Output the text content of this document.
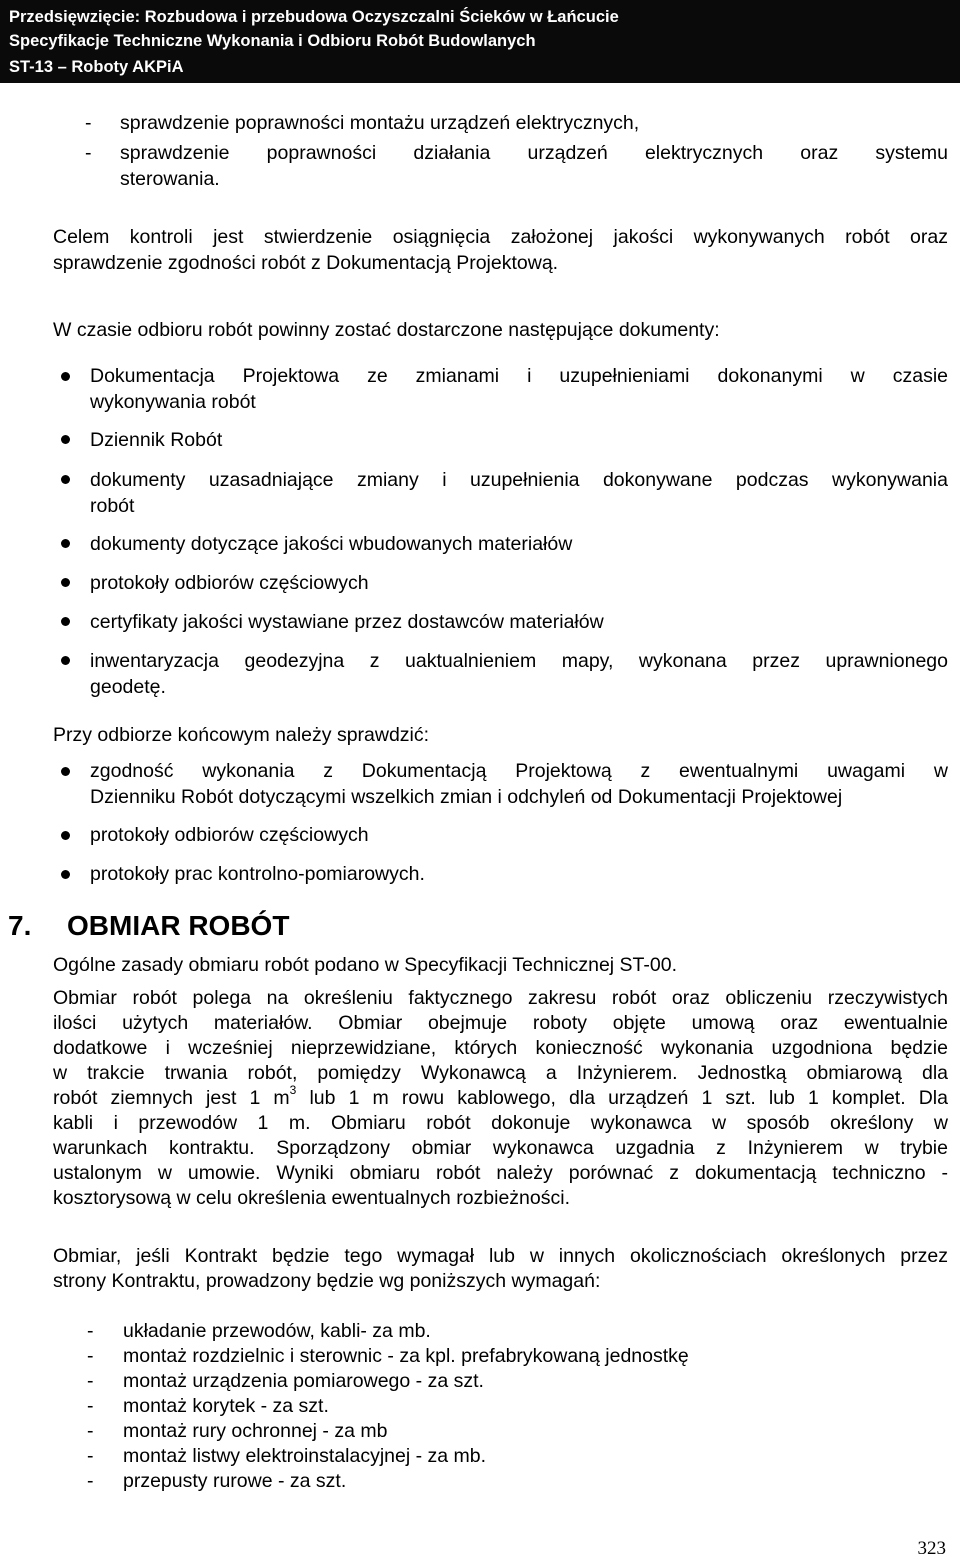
Przedsięwzięcie: Rozbudowa i przebudowa Oczyszczalni Ścieków w Łańcucie
Specyfikacje Techniczne Wykonania i Odbioru Robót Budowlanych
ST-13 – Roboty AKPiA
- sprawdzenie poprawności montażu urządzeń elektrycznych,
- sprawdzenie poprawności działania urządzeń elektrycznych oraz systemu
sterowania.
Celem kontroli jest stwierdzenie osiągnięcia założonej jakości wykonywanych robót oraz
sprawdzenie zgodności robót z Dokumentacją Projektową.
W czasie odbioru robót powinny zostać dostarczone następujące dokumenty:
Dokumentacja Projektowa ze zmianami i uzupełnieniami dokonanymi w czasie
wykonywania robót
Dziennik Robót
dokumenty uzasadniające zmiany i uzupełnienia dokonywane podczas wykonywania
robót
dokumenty dotyczące jakości wbudowanych materiałów
protokoły odbiorów częściowych
certyfikaty jakości wystawiane przez dostawców materiałów
inwentaryzacja geodezyjna z uaktualnieniem mapy, wykonana przez uprawnionego
geodetę.
Przy odbiorze końcowym należy sprawdzić:
zgodność wykonania z Dokumentacją Projektową z ewentualnymi uwagami w
Dzienniku Robót dotyczącymi wszelkich zmian i odchyleń od Dokumentacji Projektowej
protokoły odbiorów częściowych
protokoły prac kontrolno-pomiarowych.
7. OBMIAR ROBÓT
Ogólne zasady obmiaru robót podano w Specyfikacji Technicznej ST-00.
Obmiar robót polega na określeniu faktycznego zakresu robót oraz obliczeniu rzeczywistych
ilości użytych materiałów. Obmiar obejmuje roboty objęte umową oraz ewentualnie
dodatkowe i wcześniej nieprzewidziane, których konieczność wykonania uzgodniona będzie
w trakcie trwania robót, pomiędzy Wykonawcą a Inżynierem. Jednostką obmiarową dla
robót ziemnych jest 1 $m^3$ lub 1 m rowu kablowego, dla urządzeń 1 szt. lub 1 komplet. Dla
kabli i przewodów 1 m. Obmiaru robót dokonuje wykonawca w sposób określony w
warunkach kontraktu. Sporządzony obmiar wykonawca uzgadnia z Inżynierem w trybie
ustalonym w umowie. Wyniki obmiaru robót należy porównać z dokumentacją techniczno -
kosztorysową w celu określenia ewentualnych rozbieżności.
Obmiar, jeśli Kontrakt będzie tego wymagał lub w innych okolicznościach określonych przez
strony Kontraktu, prowadzony będzie wg poniższych wymagań:
- układanie przewodów, kabli- za mb.
- montaż rozdzielnic i sterownic - za kpl. prefabrykowaną jednostkę
- montaż urządzenia pomiarowego - za szt.
- montaż korytek - za szt.
- montaż rury ochronnej - za mb
- montaż listwy elektroinstalacyjnej - za mb.
- przepusty rurowe - za szt.
323
